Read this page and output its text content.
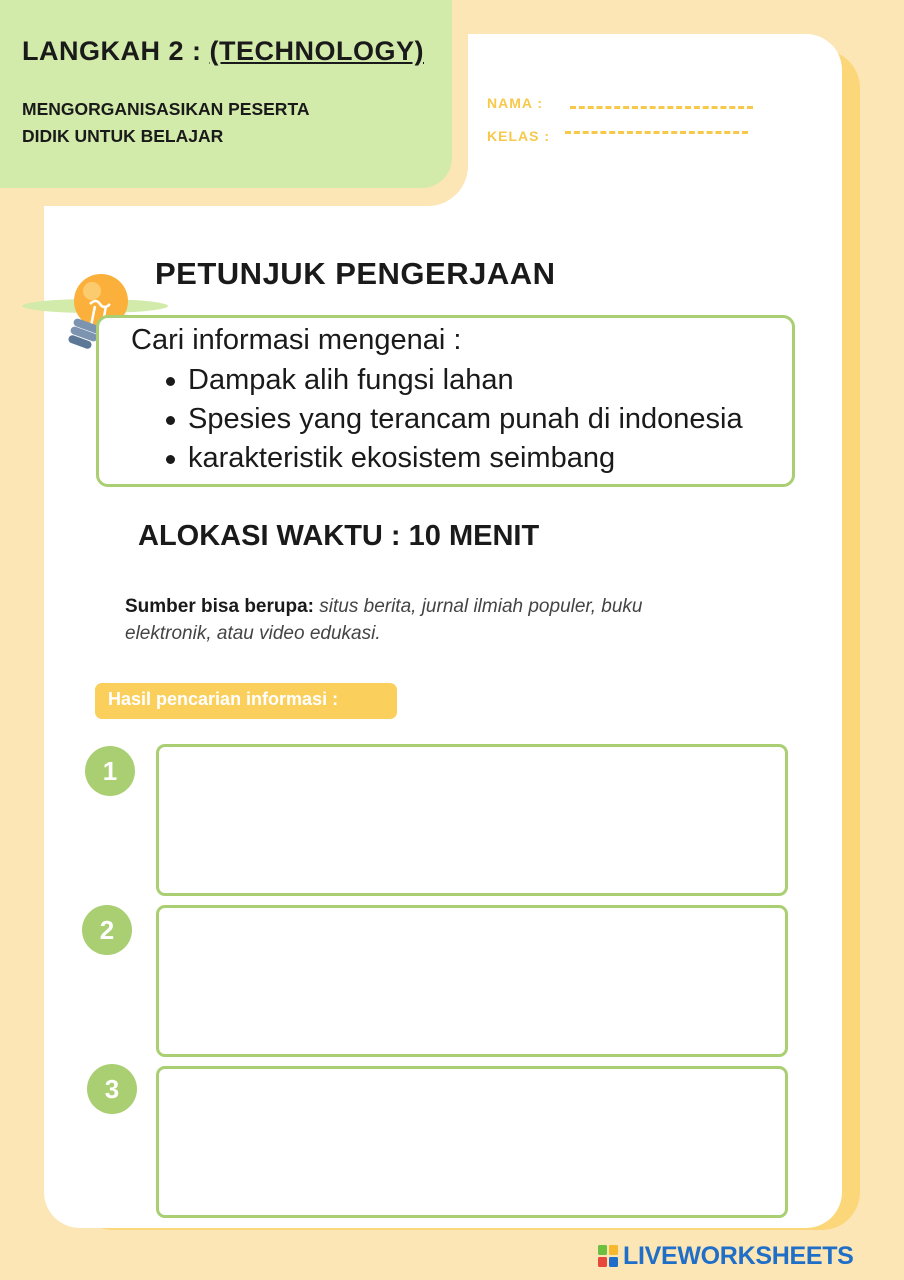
LANGKAH 2 : (TECHNOLOGY)
MENGORGANISASIKAN PESERTA
DIDIK UNTUK BELAJAR
NAMA :
KELAS :
PETUNJUK PENGERJAAN
Cari informasi mengenai :
Dampak alih fungsi lahan
Spesies yang terancam punah di indonesia
karakteristik ekosistem seimbang
ALOKASI WAKTU : 10 MENIT
Sumber bisa berupa: situs berita, jurnal ilmiah populer, buku elektronik, atau video edukasi.
Hasil pencarian informasi :
1
2
3
LIVEWORKSHEETS
